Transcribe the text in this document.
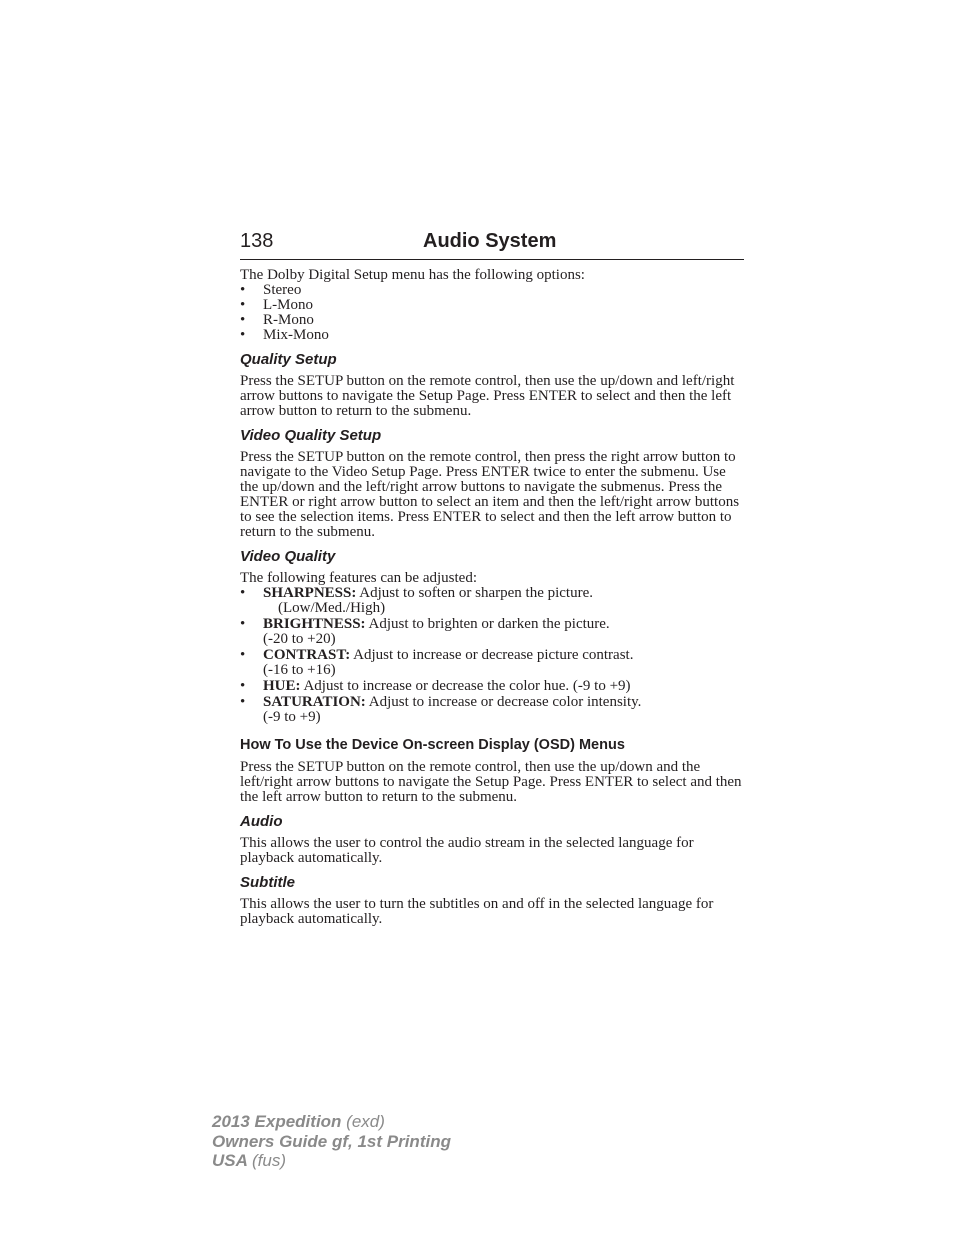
138	Audio System

The Dolby Digital Setup menu has the following options:

• Stereo
• L-Mono
• R-Mono
• Mix-Mono
Quality Setup

Press the SETUP button on the remote control, then use the up/down and left/right arrow buttons to navigate the Setup Page. Press ENTER to select and then the left arrow button to return to the submenu.

Video Quality Setup

Press the SETUP button on the remote control, then press the right arrow button to navigate to the Video Setup Page. Press ENTER twice to enter the submenu. Use the up/down and the left/right arrow buttons to navigate the submenus. Press the ENTER or right arrow button to select an item and then the left/right arrow buttons to see the selection items. Press ENTER to select and then the left arrow button to return to the submenu.

Video Quality

The following features can be adjusted:

• SHARPNESS: Adjust to soften or sharpen the picture.
(Low/Med./High)
• BRIGHTNESS: Adjust to brighten or darken the picture.
(-20 to +20)
• CONTRAST: Adjust to increase or decrease picture contrast.
(-16 to +16)
• HUE: Adjust to increase or decrease the color hue. (-9 to +9)
• SATURATION: Adjust to increase or decrease color intensity.
(-9 to +9)
How To Use the Device On-screen Display (OSD) Menus

Press the SETUP button on the remote control, then use the up/down and the left/right arrow buttons to navigate the Setup Page. Press ENTER to select and then the left arrow button to return to the submenu.

Audio

This allows the user to control the audio stream in the selected language for playback automatically.

Subtitle

This allows the user to turn the subtitles on and off in the selected language for playback automatically.

2013 Expedition (exd)
Owners Guide gf, 1st Printing
USA (fus)
